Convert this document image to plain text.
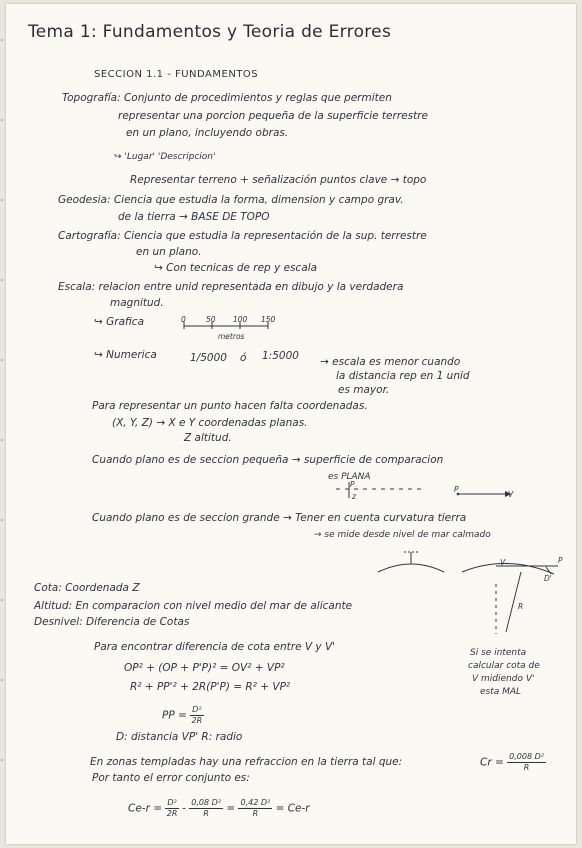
Tema 1: Fundamentos y Teoria de Errores
SECCION 1.1 - FUNDAMENTOS
Topografía: Conjunto de procedimientos y reglas que permiten
representar una porcion pequeña de la superficie terrestre
en un plano, incluyendo obras.
↪ 'Lugar' 'Descripcion'
Representar terreno + señalización puntos clave → topo
Geodesia: Ciencia que estudia la forma, dimension y campo grav.
de la tierra → BASE DE TOPO
Cartografía: Ciencia que estudia la representación de la sup. terrestre
en un plano.
↪ Con tecnicas de rep y escala
Escala: relacion entre unid representada en dibujo y la verdadera
magnitud.
↪ Grafica	0	50 100 150
metros
↪ Numerica	1/5000 ó 1:5000 → escala es menor cuando
la distancia rep en 1 unid
es mayor.
Para representar un punto hacen falta coordenadas.
(X, Y, Z) → X e Y coordenadas planas.
Z altitud.
Cuando plano es de seccion pequeña → superficie de comparacion
es PLANA
P
z
P
V
Cuando plano es de seccion grande → Tener en cuenta curvatura tierra
→ se mide desde nivel de mar calmado
V	P
D'
R
Si se intenta
calcular cota de
V midiendo V'
esta MAL
Cota: Coordenada Z
Altitud: En comparacion con nivel medio del mar de alicante
Desnivel: Diferencia de Cotas
Para encontrar diferencia de cota entre V y V'
OP² + (OP + P'P)² = OV² + VP²
R² + PP'² + 2R(P'P) = R² + VP²
PP = $\frac{\text{D²}}{2R}$
D: distancia VP' R: radio
En zonas templadas hay una refraccion en la tierra tal que:	$Cr = \frac{\text{0,008 D²}}{R}$
Por tanto el error conjunto es:
$Ce-r = \frac{\text{D²}}{2R} - \frac{\text{0,08 D²}}{R} = \frac{\text{0,42 D²}}{R} = Ce-r$
